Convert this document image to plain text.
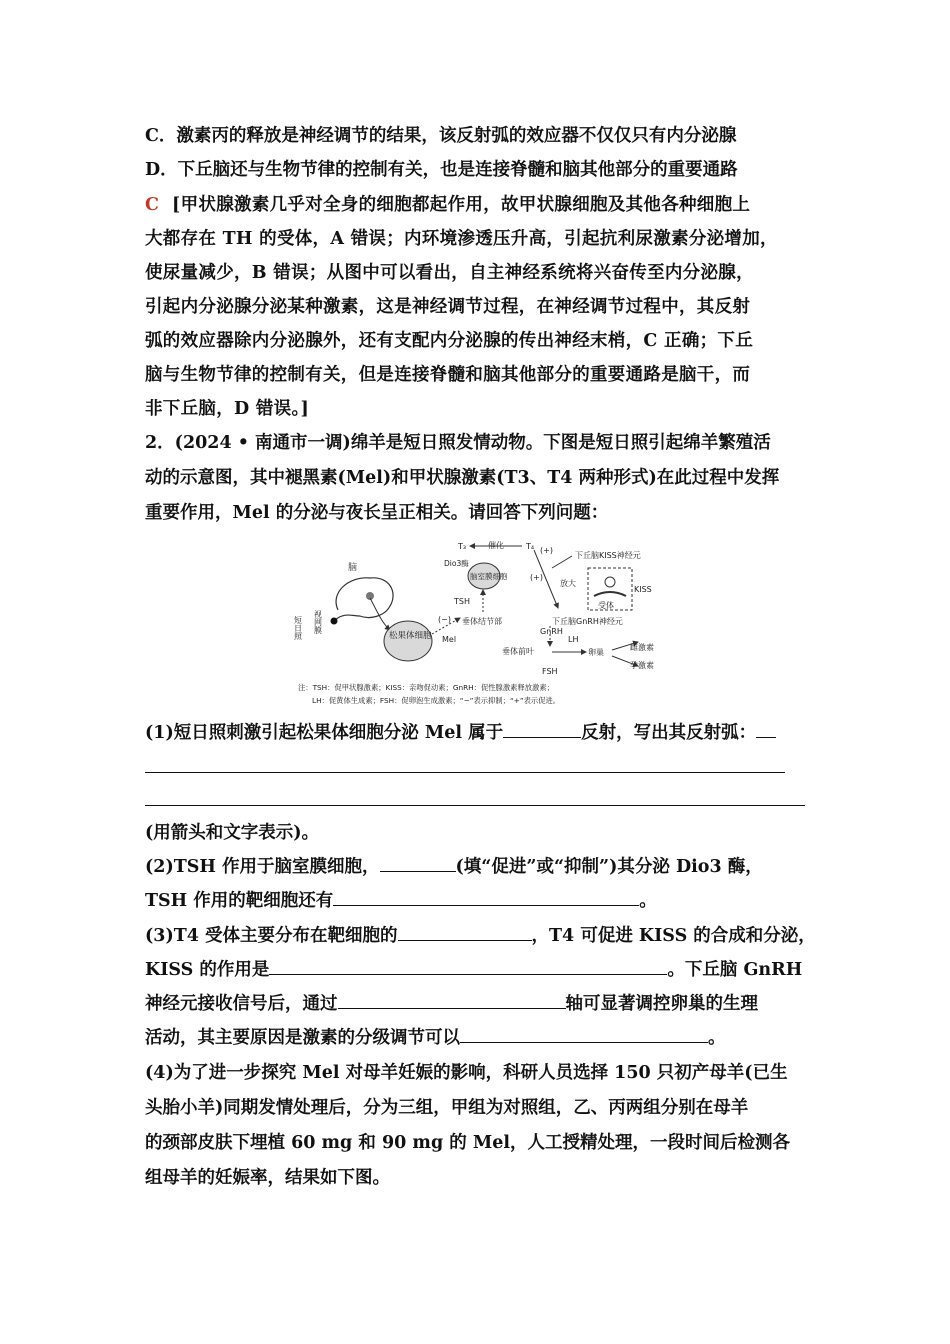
C．激素丙的释放是神经调节的结果，该反射弧的效应器不仅仅只有内分泌腺
D．下丘脑还与生物节律的控制有关，也是连接脊髓和脑其他部分的重要通路
C [甲状腺激素几乎对全身的细胞都起作用，故甲状腺细胞及其他各种细胞上
大都存在 TH 的受体，A 错误；内环境渗透压升高，引起抗利尿激素分泌增加，
使尿量减少，B 错误；从图中可以看出，自主神经系统将兴奋传至内分泌腺，
引起内分泌腺分泌某种激素，这是神经调节过程，在神经调节过程中，其反射
弧的效应器除内分泌腺外，还有支配内分泌腺的传出神经末梢，C 正确；下丘
脑与生物节律的控制有关，但是连接脊髓和脑其他部分的重要通路是脑干，而
非下丘脑，D 错误。]
2．(2024 • 南通市一调)绵羊是短日照发情动物。下图是短日照引起绵羊繁殖活
动的示意图，其中褪黑素(Mel)和甲状腺激素(T3、T4 两种形式)在此过程中发挥
重要作用，Mel 的分泌与夜长呈正相关。请回答下列问题：
脑
短日照 视网膜
松果体细胞 Mel
(−) 垂体结节部
TSH
脑室膜细胞
T₃	T₄
催化
Dio3酶
(+)
(+)
下丘脑KISS神经元
放大
受体
KISS
下丘脑GnRH神经元
GnRH
LH
垂体前叶
FSH
卵巢
雌激素
孕激素
注：TSH：促甲状腺激素；KISS：亲吻促动素；GnRH：促性腺激素释放激素；
LH：促黄体生成素；FSH：促卵泡生成激素；“−”表示抑制；“+”表示促进。
(1)短日照刺激引起松果体细胞分泌 Mel 属于	反射，写出其反射弧：
(用箭头和文字表示)。
(2)TSH 作用于脑室膜细胞，	(填“促进”或“抑制”)其分泌 Dio3 酶，
TSH 作用的靶细胞还有	。
(3)T4 受体主要分布在靶细胞的	，T4 可促进 KISS 的合成和分泌，
KISS 的作用是	。下丘脑 GnRH
神经元接收信号后，通过	轴可显著调控卵巢的生理
活动，其主要原因是激素的分级调节可以	。
(4)为了进一步探究 Mel 对母羊妊娠的影响，科研人员选择 150 只初产母羊(已生
头胎小羊)同期发情处理后，分为三组，甲组为对照组，乙、丙两组分别在母羊
的颈部皮肤下埋植 60 mg 和 90 mg 的 Mel，人工授精处理，一段时间后检测各
组母羊的妊娠率，结果如下图。
